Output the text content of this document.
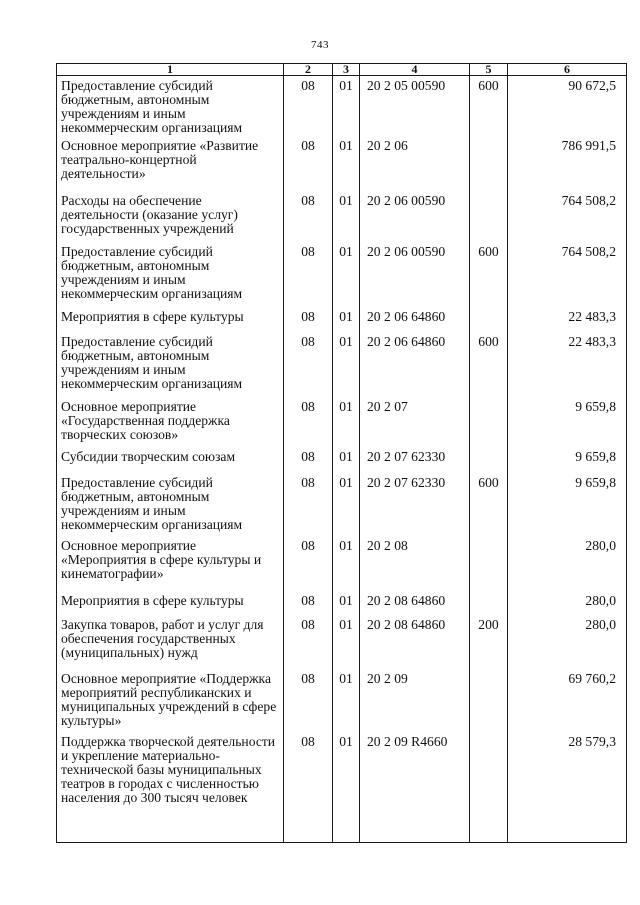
743
1	2	3	4	5	6
Предоставление субсидий бюджетным, автономным учреждениям и иным некоммерческим организациям	08	01	20 2 05 00590	600	90 672,5
Основное мероприятие «Развитие театрально-концертной деятельности»	08	01	20 2 06		786 991,5
Расходы на обеспечение деятельности (оказание услуг) государственных учреждений	08	01	20 2 06 00590		764 508,2
Предоставление субсидий бюджетным, автономным учреждениям и иным некоммерческим организациям	08	01	20 2 06 00590	600	764 508,2
Мероприятия в сфере культуры	08	01	20 2 06 64860		22 483,3
Предоставление субсидий бюджетным, автономным учреждениям и иным некоммерческим организациям	08	01	20 2 06 64860	600	22 483,3
Основное мероприятие «Государственная поддержка творческих союзов»	08	01	20 2 07		9 659,8
Субсидии творческим союзам	08	01	20 2 07 62330		9 659,8
Предоставление субсидий бюджетным, автономным учреждениям и иным некоммерческим организациям	08	01	20 2 07 62330	600	9 659,8
Основное мероприятие «Мероприятия в сфере культуры и кинематографии»	08	01	20 2 08		280,0
Мероприятия в сфере культуры	08	01	20 2 08 64860		280,0
Закупка товаров, работ и услуг для обеспечения государственных (муниципальных) нужд	08	01	20 2 08 64860	200	280,0
Основное мероприятие «Поддержка мероприятий республиканских и муниципальных учреждений в сфере культуры»	08	01	20 2 09		69 760,2
Поддержка творческой деятельности и укрепление материально-технической базы муниципальных театров в городах с численностью населения до 300 тысяч человек	08	01	20 2 09 R4660		28 579,3
